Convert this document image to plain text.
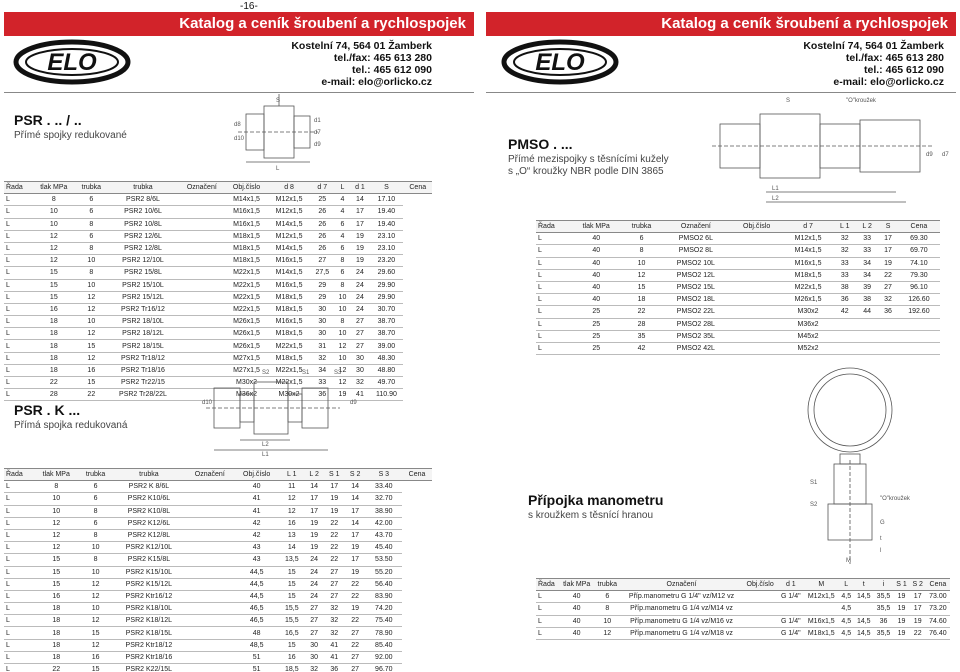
-16-
Katalog a ceník šroubení a rychlospojek
ELO
Kostelní 74, 564 01 Žamberk
tel./fax: 465 613 280
tel.: 465 612 090
e-mail: elo@orlicko.cz
PSR . .. / ..
Přímé spojky redukované
S
d8
d10
L
d1
d7
d9
Řada	tlak MPa	trubka	trubka	Označení	Obj.číslo	d 8	d 7	L	d 1	S	Cena
L	8	6	PSR2 8/6L		M14x1,5	M12x1,5	25	4	14	17.10	
L	10	6	PSR2 10/6L		M16x1,5	M12x1,5	26	4	17	19.40	
L	10	8	PSR2 10/8L		M16x1,5	M14x1,5	26	6	17	19.40	
L	12	6	PSR2 12/6L		M18x1,5	M12x1,5	26	4	19	23.10	
L	12	8	PSR2 12/8L		M18x1,5	M14x1,5	26	6	19	23.10	
L	12	10	PSR2 12/10L		M18x1,5	M16x1,5	27	8	19	23.20	
L	15	8	PSR2 15/8L		M22x1,5	M14x1,5	27,5	6	24	29.60	
L	15	10	PSR2 15/10L		M22x1,5	M16x1,5	29	8	24	29.90	
L	15	12	PSR2 15/12L		M22x1,5	M18x1,5	29	10	24	29.90	
L	16	12	PSR2 Tr16/12		M22x1,5	M18x1,5	30	10	24	30.70	
L	18	10	PSR2 18/10L		M26x1,5	M16x1,5	30	8	27	38.70	
L	18	12	PSR2 18/12L		M26x1,5	M18x1,5	30	10	27	38.70	
L	18	15	PSR2 18/15L		M26x1,5	M22x1,5	31	12	27	39.00	
L	18	12	PSR2 Tr18/12		M27x1,5	M18x1,5	32	10	30	48.30	
L	18	16	PSR2 Tr18/16		M27x1,5	M22x1,5	34	12	30	48.80	
L	22	15	PSR2 Tr22/15		M30x2	M22x1,5	33	12	32	49.70	
L	28	22	PSR2 Tr28/22L		M36x2	M30x2	36	19	41	110.90	
PSR . K ...
Přímá spojka redukovaná
S2	S1	S3
d10	d9
L2
L1
Řada	tlak MPa	trubka	trubka	Označení	Obj.číslo	L 1	L 2	S 1	S 2	S 3	Cena
L	8	6	PSR2 K 8/6L		40	11	14	17	14	33.40	
L	10	6	PSR2 K10/6L		41	12	17	19	14	32.70	
L	10	8	PSR2 K10/8L		41	12	17	19	17	38.90	
L	12	6	PSR2 K12/6L		42	16	19	22	14	42.00	
L	12	8	PSR2 K12/8L		42	13	19	22	17	43.70	
L	12	10	PSR2 K12/10L		43	14	19	22	19	45.40	
L	15	8	PSR2 K15/8L		43	13,5	24	22	17	53.50	
L	15	10	PSR2 K15/10L		44,5	15	24	27	19	55.20	
L	15	12	PSR2 K15/12L		44,5	15	24	27	22	56.40	
L	16	12	PSR2 Ktr16/12		44,5	15	24	27	22	83.90	
L	18	10	PSR2 K18/10L		46,5	15,5	27	32	19	74.20	
L	18	12	PSR2 K18/12L		46,5	15,5	27	32	22	75.40	
L	18	15	PSR2 K18/15L		48	16,5	27	32	27	78.90	
L	18	12	PSR2 Ktr18/12		48,5	15	30	41	22	85.40	
L	18	16	PSR2 Ktr18/16		51	16	30	41	27	92.00	
L	22	15	PSR2 K22/15L		51	18,5	32	36	27	96.70	

Katalog a ceník šroubení a rychlospojek
ELO
Kostelní 74, 564 01 Žamberk
tel./fax: 465 613 280
tel.: 465 612 090
e-mail: elo@orlicko.cz
PMSO . ...
Přímé mezispojky s těsnícími kužely
s „O“ kroužky NBR podle DIN 3865
S	"O"kroužek
L1
L2
d9 d7
Řada	tlak MPa	trubka	Označení	Obj.číslo	d 7	L 1	L 2	S	Cena
L	40	6	PMSO2 6L		M12x1,5	32	33	17	69.30
L	40	8	PMSO2 8L		M14x1,5	32	33	17	69.70
L	40	10	PMSO2 10L		M16x1,5	33	34	19	74.10
L	40	12	PMSO2 12L		M18x1,5	33	34	22	79.30
L	40	15	PMSO2 15L		M22x1,5	38	39	27	96.10
L	40	18	PMSO2 18L		M26x1,5	36	38	32	126.60
L	25	22	PMSO2 22L		M30x2	42	44	36	192.60
L	25	28	PMSO2 28L		M36x2				
L	25	35	PMSO2 35L		M45x2				
L	25	42	PMSO2 42L		M52x2				
Přípojka manometru
s kroužkem s těsnící hranou
S1
S2
"O"kroužek
G
M
t
l
Řada	tlak MPa	trubka	Označení	Obj.číslo	d 1	M	L	t	i	S 1	S 2	Cena
L	40	6	Příp.manometru G 1/4" vz/M12 vz		G 1/4"	M12x1,5	4,5	14,5	35,5	19	17	73.00
L	40	8	Příp.manometru G 1/4 vz/M14 vz				4,5		35,5	19	17	73.20
L	40	10	Příp.manometru G 1/4 vz/M16 vz		G 1/4"	M16x1,5	4,5	14,5	36	19	19	74.60
L	40	12	Příp.manometru G 1/4 vz/M18 vz		G 1/4"	M18x1,5	4,5	14,5	35,5	19	22	76.40
